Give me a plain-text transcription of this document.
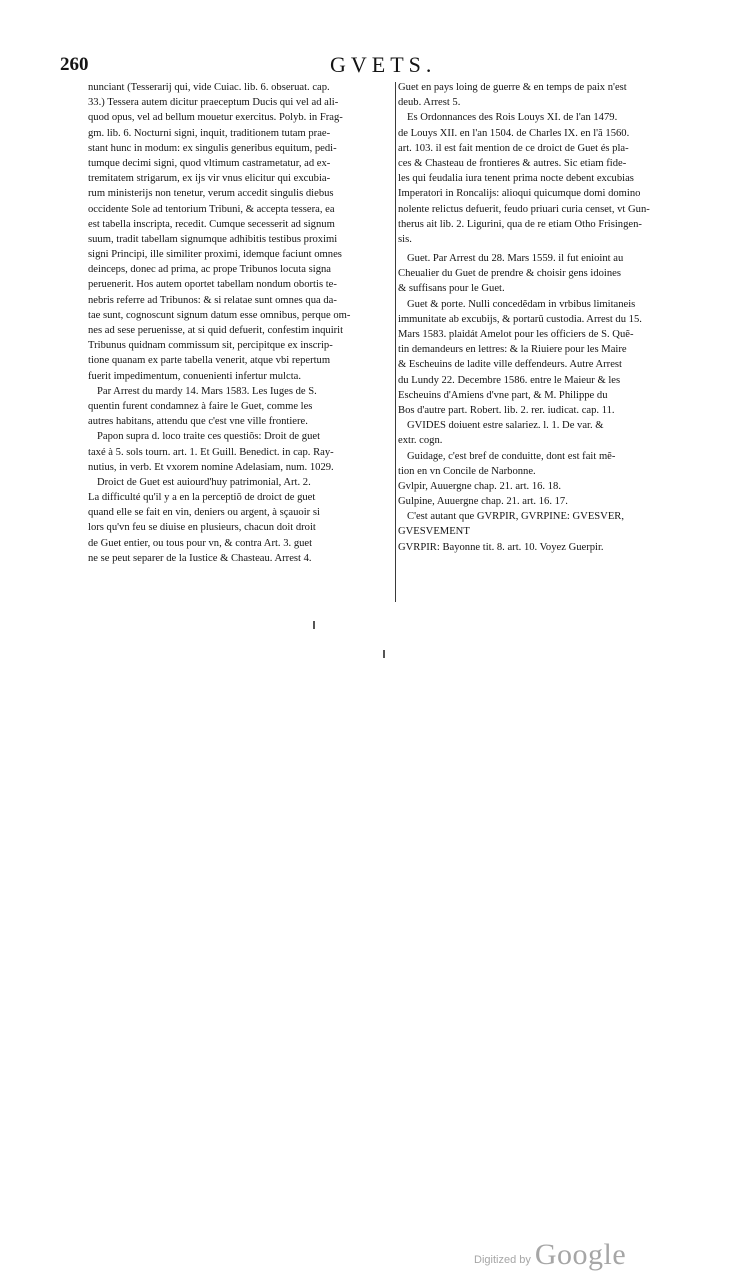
260	GVETS.
nunciant (Tesserarij qui, vide Cuiac. lib. 6. obseruat. cap.
33.) Tessera autem dicitur praeceptum Ducis qui vel ad ali-
quod opus, vel ad bellum mouetur exercitus. Polyb. in Frag-
gm. lib. 6. Nocturni signi, inquit, traditionem tutam prae-
stant hunc in modum: ex singulis generibus equitum, pedi-
tumque decimi signi, quod vltimum castrametatur, ad ex-
tremitatem strigarum, ex ijs vir vnus elicitur qui excubia-
rum ministerijs non tenetur, verum accedit singulis diebus
occidente Sole ad tentorium Tribuni, & accepta tessera, ea
est tabella inscripta, recedit. Cumque secesserit ad signum
suum, tradit tabellam signumque adhibitis testibus proximi
signi Principi, ille similiter proximi, idemque faciunt omnes
deinceps, donec ad prima, ac prope Tribunos locuta signa
peruenerit. Hos autem oportet tabellam nondum obortis te-
nebris referre ad Tribunos: & si relatae sunt omnes qua da-
tae sunt, cognoscunt signum datum esse omnibus, perque om-
nes ad sese peruenisse, at si quid defuerit, confestim inquirit
Tribunus quidnam commissum sit, percipitque ex inscrip-
tione quanam ex parte tabella venerit, atque vbi repertum
fuerit impedimentum, conuenienti infertur mulcta.
Par Arrest du mardy 14. Mars 1583. Les Iuges de S.
quentin furent condamnez à faire le Guet, comme les
autres habitans, attendu que c'est vne ville frontiere.
Papon supra d. loco traite ces questiõs: Droit de guet
taxé à 5. sols tourn. art. 1. Et Guill. Benedict. in cap. Ray-
nutius, in verb. Et vxorem nomine Adelasiam, num. 1029.
Droict de Guet est auiourd'huy patrimonial, Art. 2.
La difficulté qu'il y a en la perceptiõ de droict de guet
quand elle se fait en vin, deniers ou argent, à sçauoir si
lors qu'vn feu se diuise en plusieurs, chacun doit droit
de Guet entier, ou tous pour vn, & contra Art. 3. guet
ne se peut separer de la Iustice & Chasteau. Arrest 4.
Guet en pays loing de guerre & en temps de paix n'est
deub. Arrest 5.
Es Ordonnances des Rois Louys XI. de l'an 1479.
de Louys XII. en l'an 1504. de Charles IX. en l'ã 1560.
art. 103. il est fait mention de ce droict de Guet és pla-
ces & Chasteau de frontieres & autres. Sic etiam fide-
les qui feudalia iura tenent prima nocte debent excubias
Imperatori in Roncalijs: alioqui quicumque domi domino
nolente relictus defuerit, feudo priuari curia censet, vt Gun-
therus ait lib. 2. Ligurini, qua de re etiam Otho Frisingen-
sis.
Guet. Par Arrest du 28. Mars 1559. il fut enioint au
Cheualier du Guet de prendre & choisir gens idoines
& suffisans pour le Guet.
Guet & porte. Nulli concedẽdam in vrbibus limitaneis
immunitate ab excubijs, & portarũ custodia. Arrest du 15.
Mars 1583. plaidát Amelot pour les officiers de S. Quẽ-
tin demandeurs en lettres: & la Riuiere pour les Maire
& Escheuins de ladite ville deffendeurs. Autre Arrest
du Lundy 22. Decembre 1586. entre le Maieur & les
Escheuins d'Amiens d'vne part, & M. Philippe du
Bos d'autre part. Robert. lib. 2. rer. iudicat. cap. 11.
GVIDES doiuent estre salariez. l. 1. De var. &
extr. cogn.
Guidage, c'est bref de conduitte, dont est fait mẽ-
tion en vn Concile de Narbonne.
Gvlpir, Auuergne chap. 21. art. 16. 18.
Gulpine, Auuergne chap. 21. art. 16. 17.
C'est autant que GVRPIR, GVRPINE: GVESVER,
GVESVEMENT
GVRPIR: Bayonne tit. 8. art. 10. Voyez Guerpir.
Digitized by Google
